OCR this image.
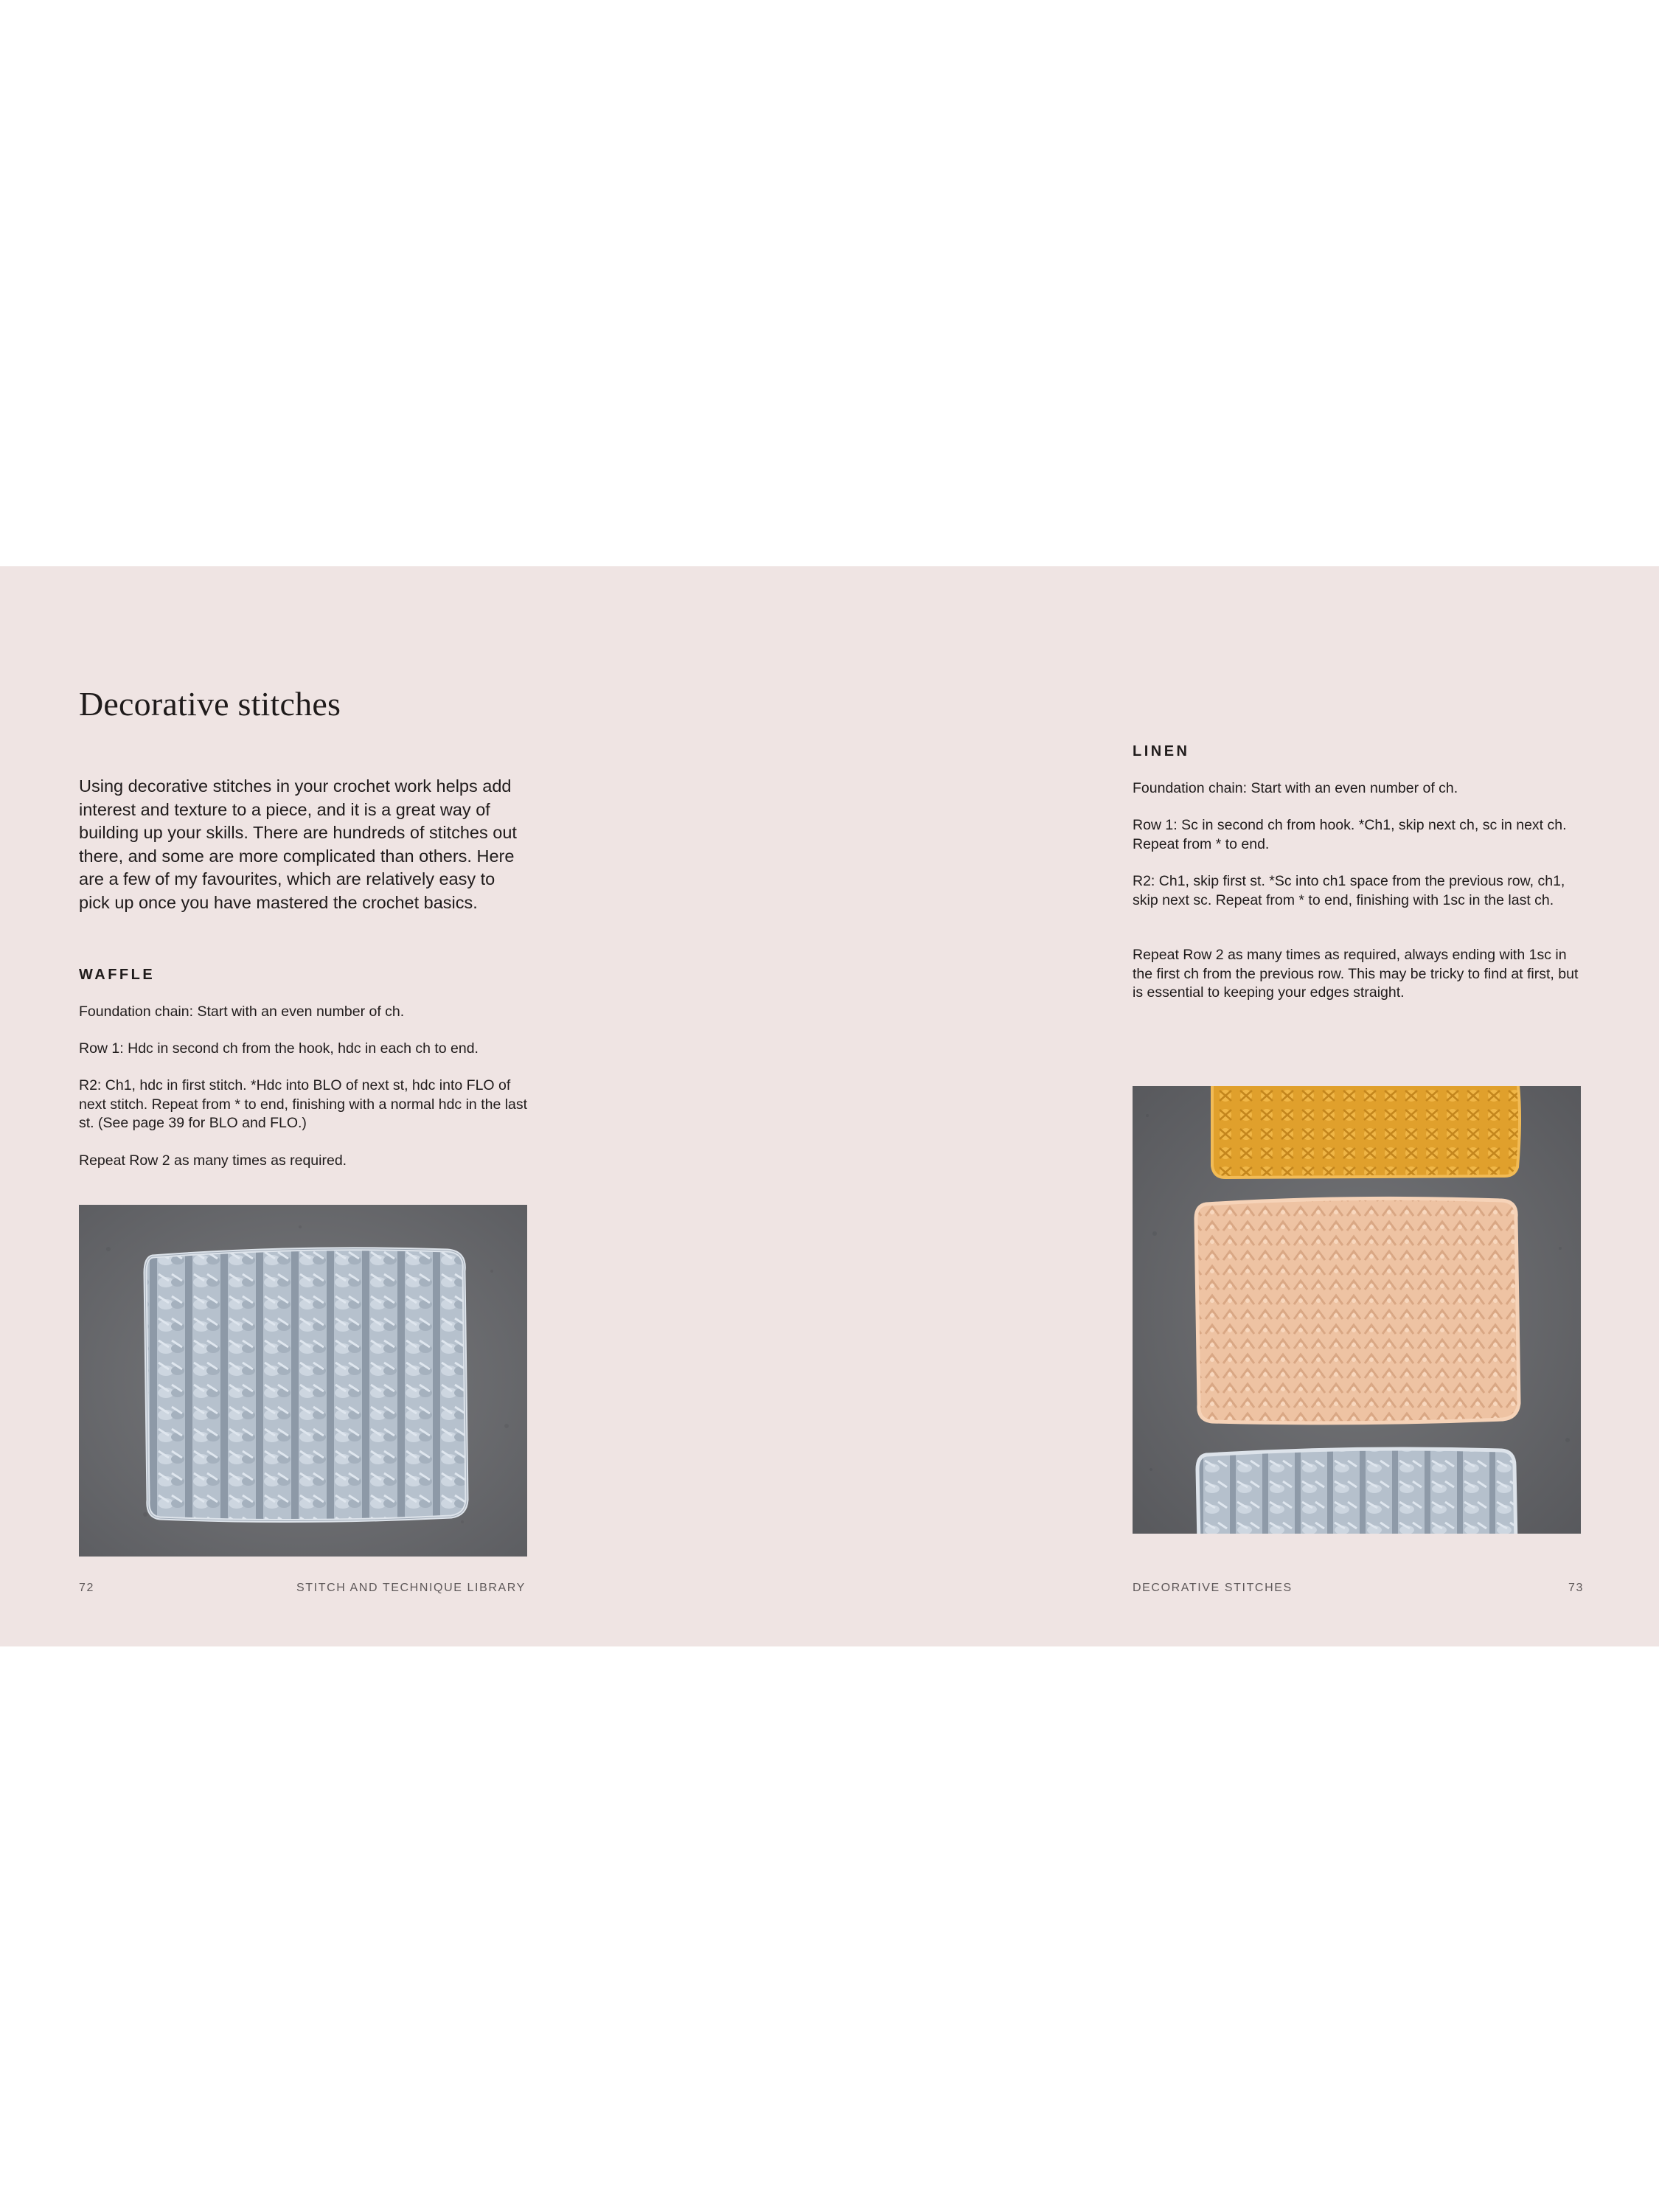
Decorative stitches

Using decorative stitches in your crochet work helps add interest and texture to a piece, and it is a great way of building up your skills. There are hundreds of stitches out there, and some are more complicated than others. Here are a few of my favourites, which are relatively easy to pick up once you have mastered the crochet basics.

WAFFLE

Foundation chain: Start with an even number of ch.

Row 1: Hdc in second ch from the hook, hdc in each ch to end.

R2: Ch1, hdc in first stitch. *Hdc into BLO of next st, hdc into FLO of next stitch. Repeat from * to end, finishing with a normal hdc in the last st. (See page 39 for BLO and FLO.)

Repeat Row 2 as many times as required.

72	STITCH AND TECHNIQUE LIBRARY

LINEN

Foundation chain: Start with an even number of ch.

Row 1: Sc in second ch from hook. *Ch1, skip next ch, sc in next ch. Repeat from * to end.

R2: Ch1, skip first st. *Sc into ch1 space from the previous row, ch1, skip next sc. Repeat from * to end, finishing with 1sc in the last ch.

Repeat Row 2 as many times as required, always ending with 1sc in the first ch from the previous row. This may be tricky to find at first, but is essential to keeping your edges straight.

DECORATIVE STITCHES	73
